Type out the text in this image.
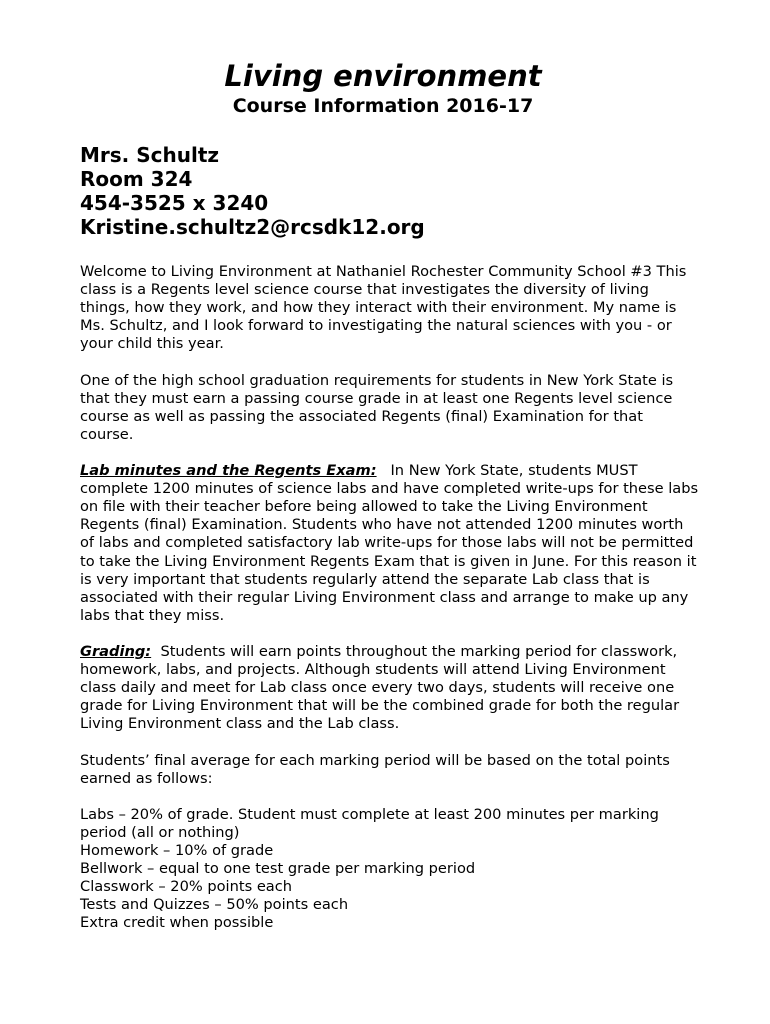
Living environment
Course Information 2016-17
Mrs. Schultz
Room 324
454-3525 x 3240
Kristine.schultz2@rcsdk12.org

Welcome to Living Environment at Nathaniel Rochester Community School #3 This class is a Regents level science course that investigates the diversity of living things, how they work, and how they interact with their environment. My name is Ms. Schultz, and I look forward to investigating the natural sciences with you - or your child this year.

One of the high school graduation requirements for students in New York State is that they must earn a passing course grade in at least one Regents level science course as well as passing the associated Regents (final) Examination for that course.

Lab minutes and the Regents Exam: In New York State, students MUST complete 1200 minutes of science labs and have completed write-ups for these labs on file with their teacher before being allowed to take the Living Environment Regents (final) Examination. Students who have not attended 1200 minutes worth of labs and completed satisfactory lab write-ups for those labs will not be permitted to take the Living Environment Regents Exam that is given in June. For this reason it is very important that students regularly attend the separate Lab class that is associated with their regular Living Environment class and arrange to make up any labs that they miss.

Grading: Students will earn points throughout the marking period for classwork, homework, labs, and projects. Although students will attend Living Environment class daily and meet for Lab class once every two days, students will receive one grade for Living Environment that will be the combined grade for both the regular Living Environment class and the Lab class.

Students’ final average for each marking period will be based on the total points earned as follows:

Labs – 20% of grade. Student must complete at least 200 minutes per marking
period (all or nothing)
Homework – 10% of grade
Bellwork – equal to one test grade per marking period
Classwork – 20% points each
Tests and Quizzes – 50% points each
Extra credit when possible
